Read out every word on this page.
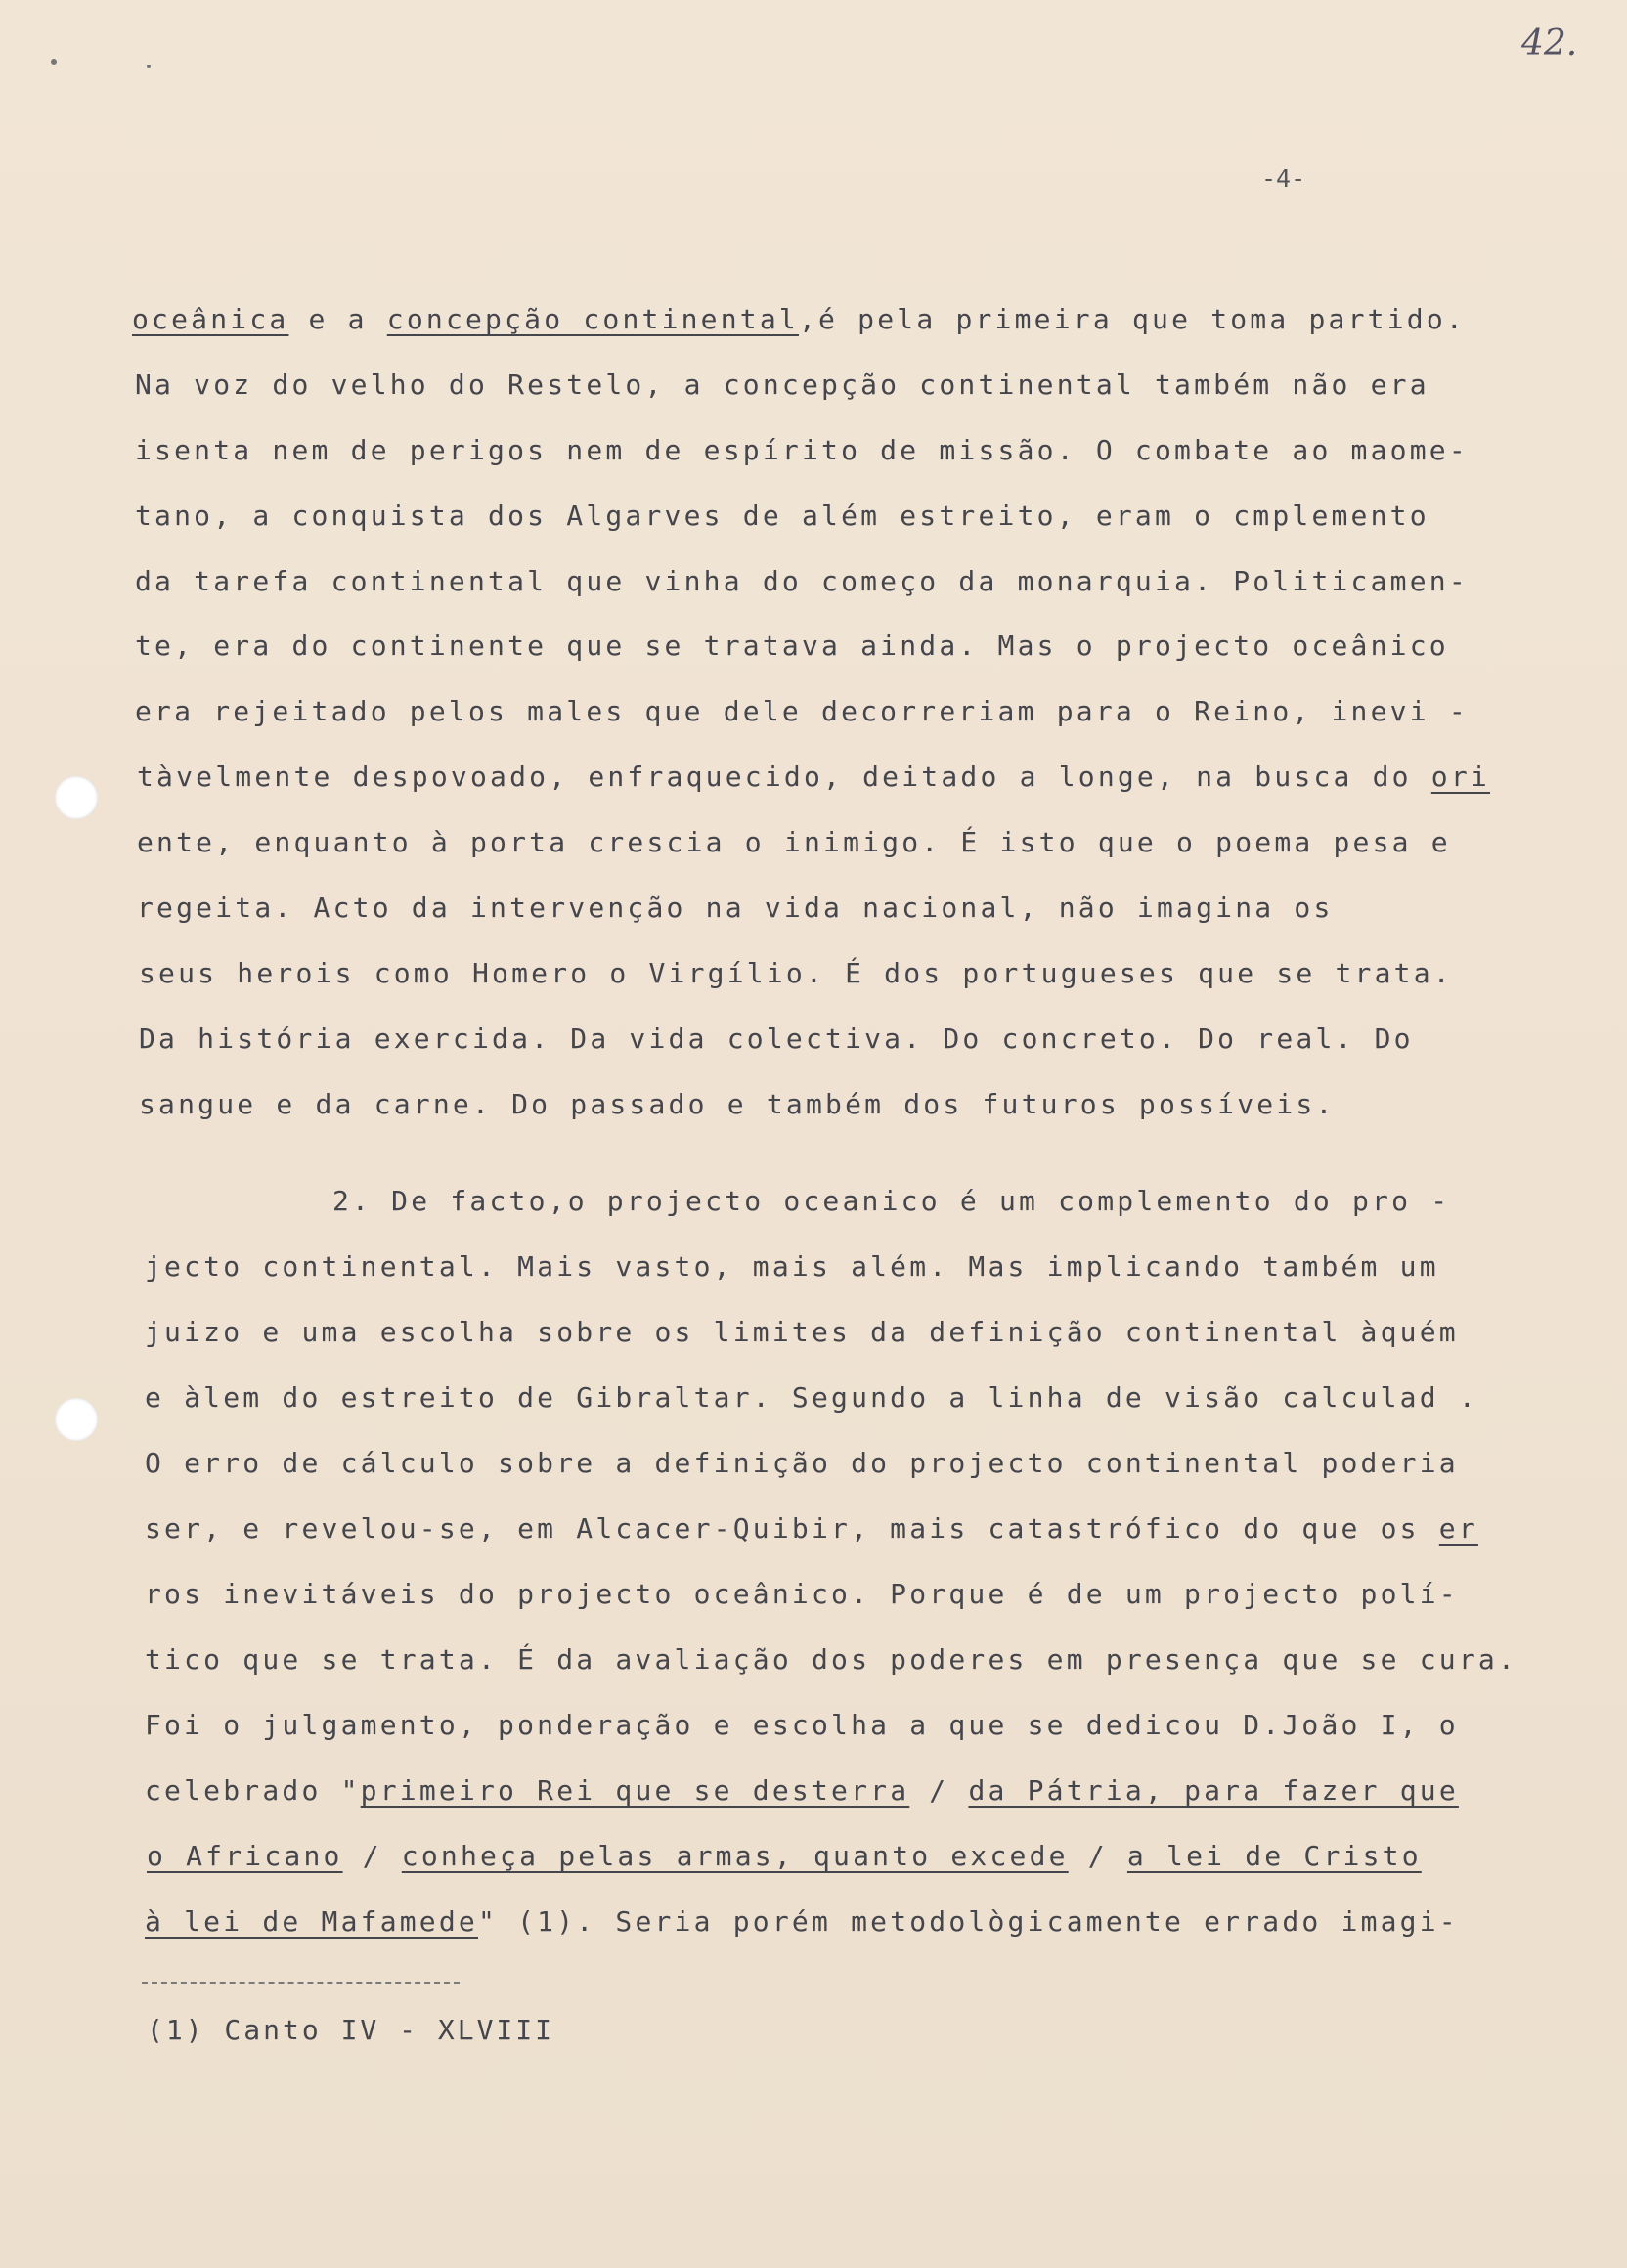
42.
-4-
oceânica e a concepção continental,é pela primeira que toma partido.
Na voz do velho do Restelo, a concepção continental também não era
isenta nem de perigos nem de espírito de missão. O combate ao maome-
tano, a conquista dos Algarves de além estreito, eram o cmplemento
da tarefa continental que vinha do começo da monarquia. Politicamen-
te, era do continente que se tratava ainda. Mas o projecto oceânico
era rejeitado pelos males que dele decorreriam para o Reino, inevi -
tàvelmente despovoado, enfraquecido, deitado a longe, na busca do ori
ente, enquanto à porta crescia o inimigo. É isto que o poema pesa e
regeita. Acto da intervenção na vida nacional, não imagina os
seus herois como Homero o Virgílio. É dos portugueses que se trata.
Da história exercida. Da vida colectiva. Do concreto. Do real. Do
sangue e da carne. Do passado e também dos futuros possíveis.
2. De facto,o projecto oceanico é um complemento do pro -
jecto continental. Mais vasto, mais além. Mas implicando também um
juizo e uma escolha sobre os limites da definição continental àquém
e àlem do estreito de Gibraltar. Segundo a linha de visão calculad .
O erro de cálculo sobre a definição do projecto continental poderia
ser, e revelou-se, em Alcacer-Quibir, mais catastrófico do que os er
ros inevitáveis do projecto oceânico. Porque é de um projecto polí-
tico que se trata. É da avaliação dos poderes em presença que se cura.
Foi o julgamento, ponderação e escolha a que se dedicou D.João I, o
celebrado "primeiro Rei que se desterra / da Pátria, para fazer que
o Africano / conheça pelas armas, quanto excede / a lei de Cristo
à lei de Mafamede" (1). Seria porém metodològicamente errado imagi-
(1) Canto IV - XLVIII
